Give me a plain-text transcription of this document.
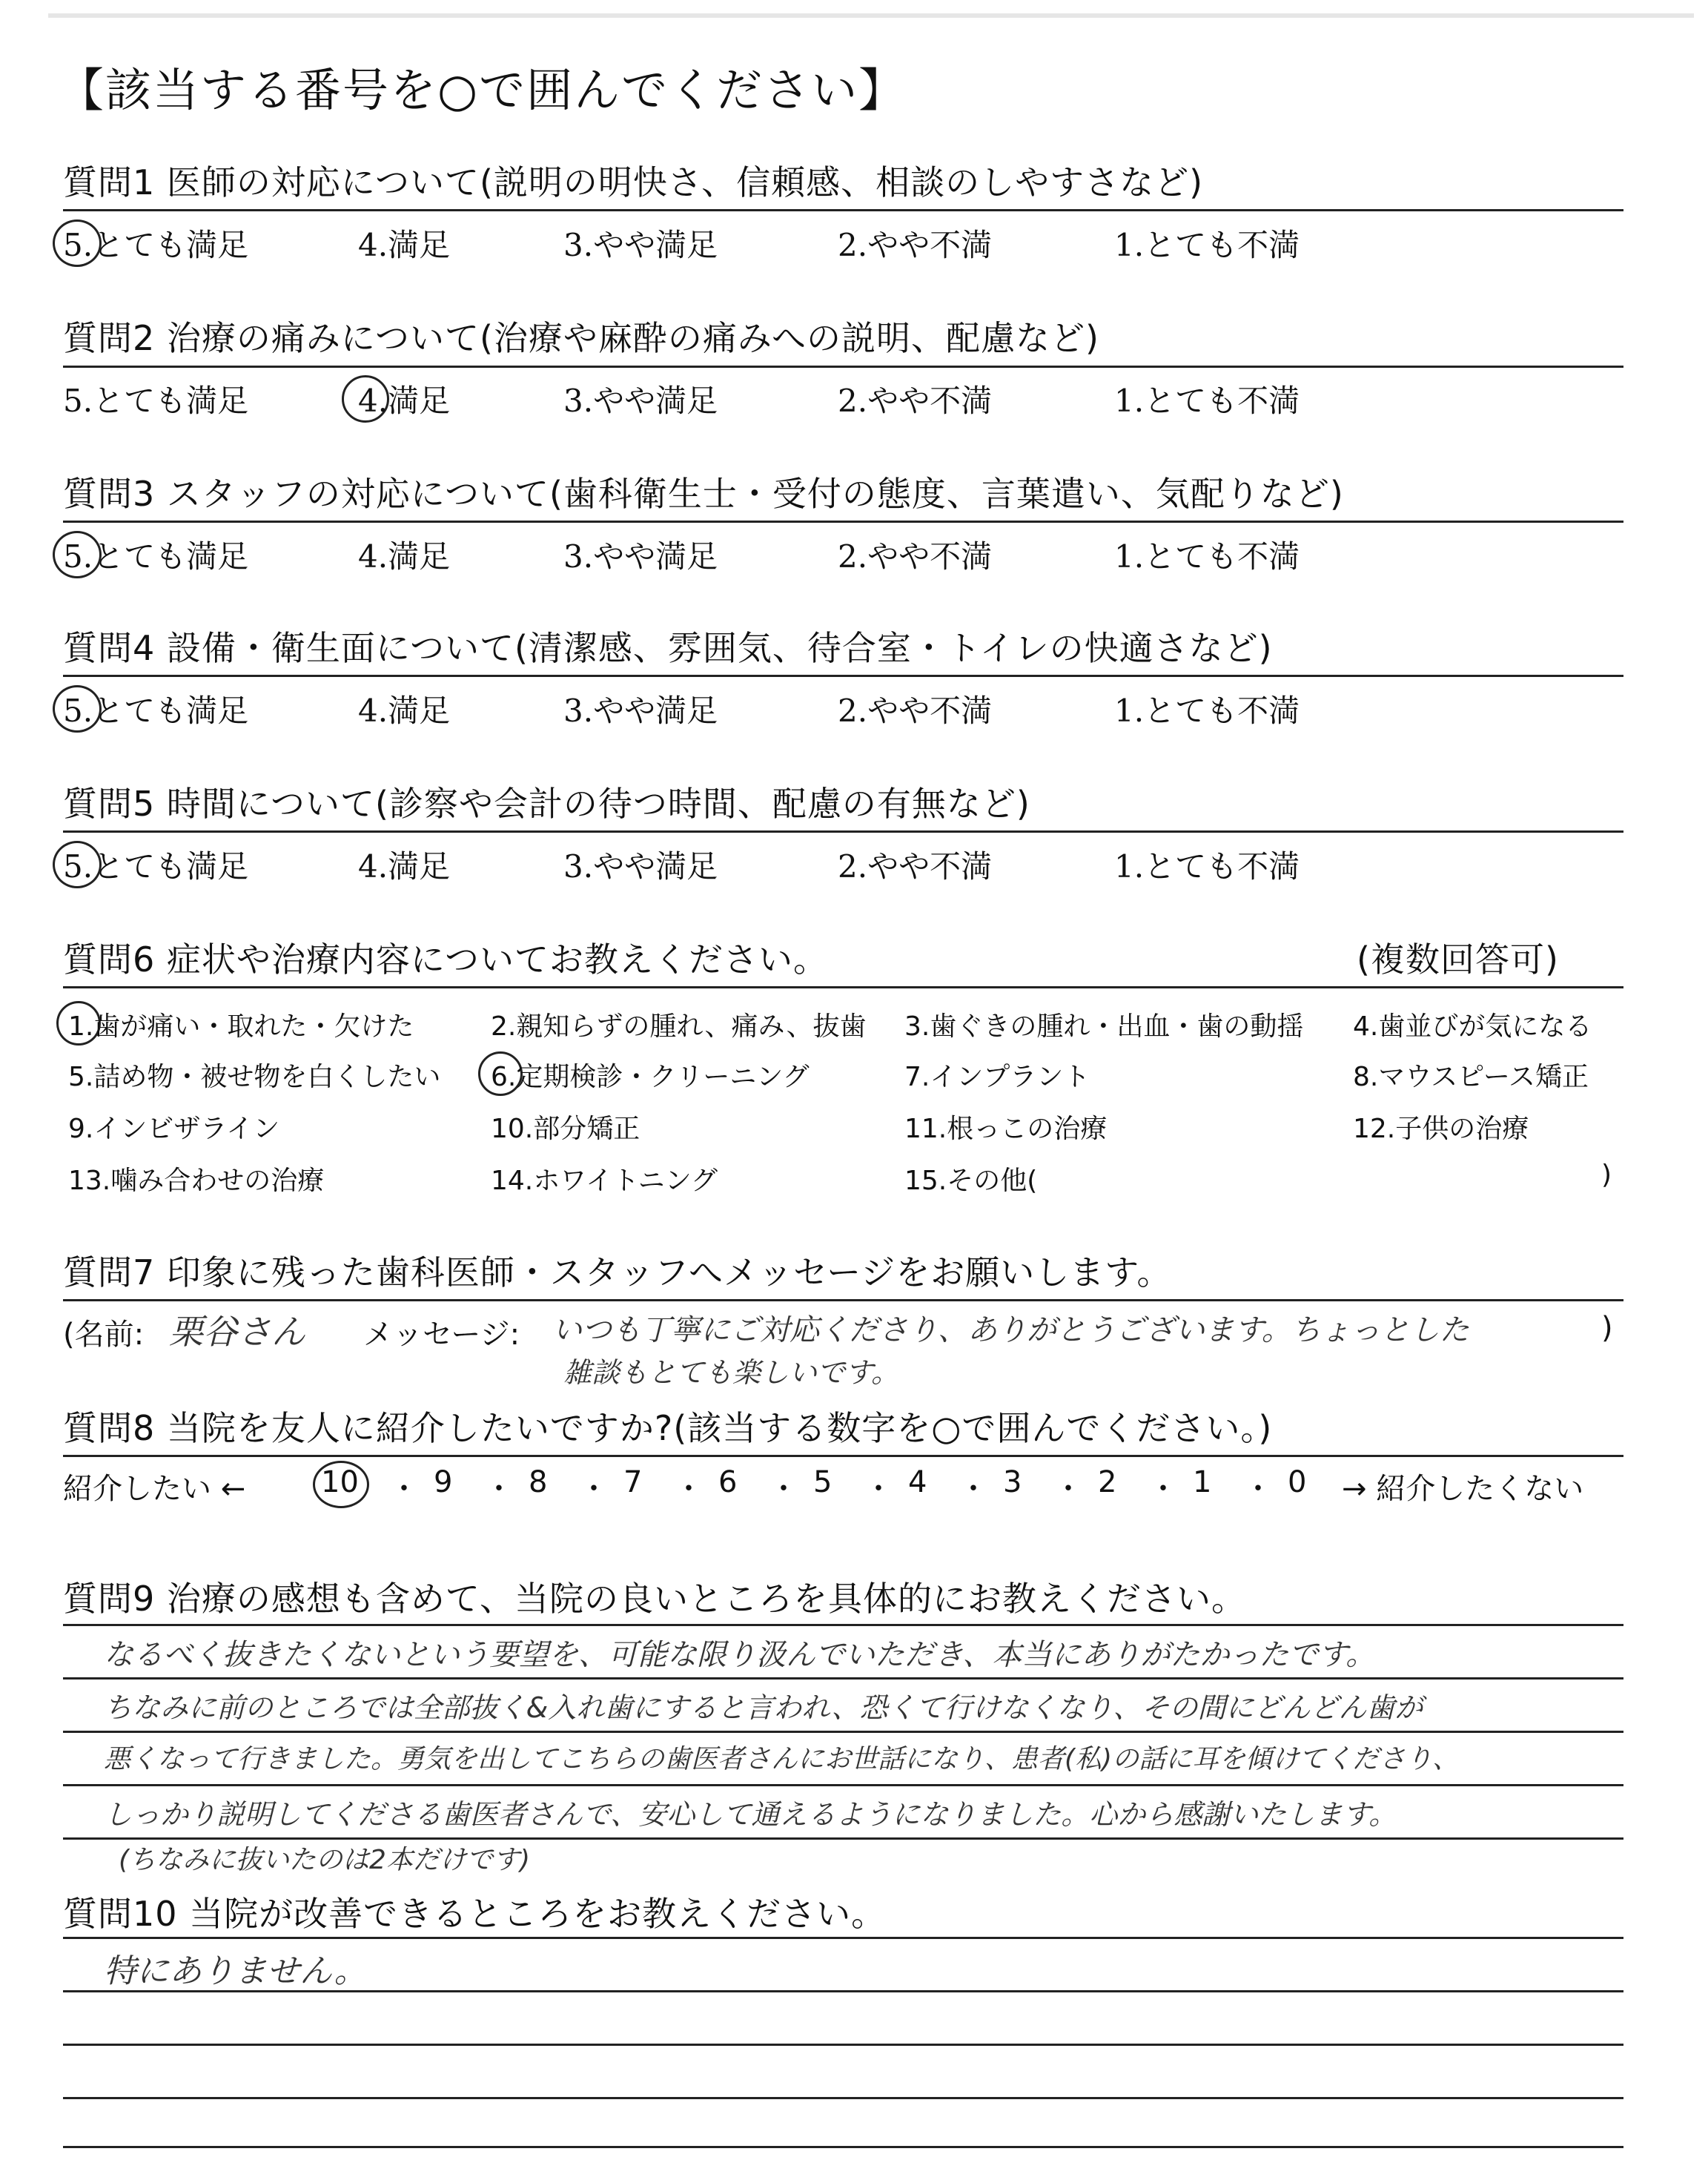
【該当する番号を○で囲んでください】
質問1 医師の対応について(説明の明快さ、信頼感、相談のしやすさなど)
5.とても満足	4.満足	3.やや満足	2.やや不満	1.とても不満
質問2 治療の痛みについて(治療や麻酔の痛みへの説明、配慮など)
5.とても満足	4.満足	3.やや満足	2.やや不満	1.とても不満
質問3 スタッフの対応について(歯科衛生士・受付の態度、言葉遣い、気配りなど)
5.とても満足	4.満足	3.やや満足	2.やや不満	1.とても不満
質問4 設備・衛生面について(清潔感、雰囲気、待合室・トイレの快適さなど)
5.とても満足	4.満足	3.やや満足	2.やや不満	1.とても不満
質問5 時間について(診察や会計の待つ時間、配慮の有無など)
5.とても満足	4.満足	3.やや満足	2.やや不満	1.とても不満
質問6 症状や治療内容についてお教えください。	(複数回答可)
1.歯が痛い・取れた・欠けた	2.親知らずの腫れ、痛み、抜歯 3.歯ぐきの腫れ・出血・歯の動揺 4.歯並びが気になる
5.詰め物・被せ物を白くしたい 6.定期検診・クリーニング	7.インプラント	8.マウスピース矯正
9.インビザライン	10.部分矯正	11.根っこの治療	12.子供の治療
13.噛み合わせの治療	14.ホワイトニング	15.その他(	)
質問7 印象に残った歯科医師・スタッフへメッセージをお願いします。
(名前: 栗谷さん メッセージ: いつも丁寧にご対応くださり、ありがとうございます。ちょっとした
雑談もとても楽しいです。
)
質問8 当院を友人に紹介したいですか?(該当する数字を○で囲んでください。)
紹介したい ←	10 ・ 9 ・ 8 ・ 7 ・ 6 ・ 5 ・ 4 ・ 3 ・ 2 ・ 1 ・ 0 → 紹介したくない
質問9 治療の感想も含めて、当院の良いところを具体的にお教えください。
なるべく抜きたくないという要望を、可能な限り汲んでいただき、本当にありがたかったです。
ちなみに前のところでは全部抜く&入れ歯にすると言われ、恐くて行けなくなり、その間にどんどん歯が
悪くなって行きました。勇気を出してこちらの歯医者さんにお世話になり、患者(私)の話に耳を傾けてくださり、
しっかり説明してくださる歯医者さんで、安心して通えるようになりました。心から感謝いたします。
(ちなみに抜いたのは2本だけです)
質問10 当院が改善できるところをお教えください。
特にありません。
